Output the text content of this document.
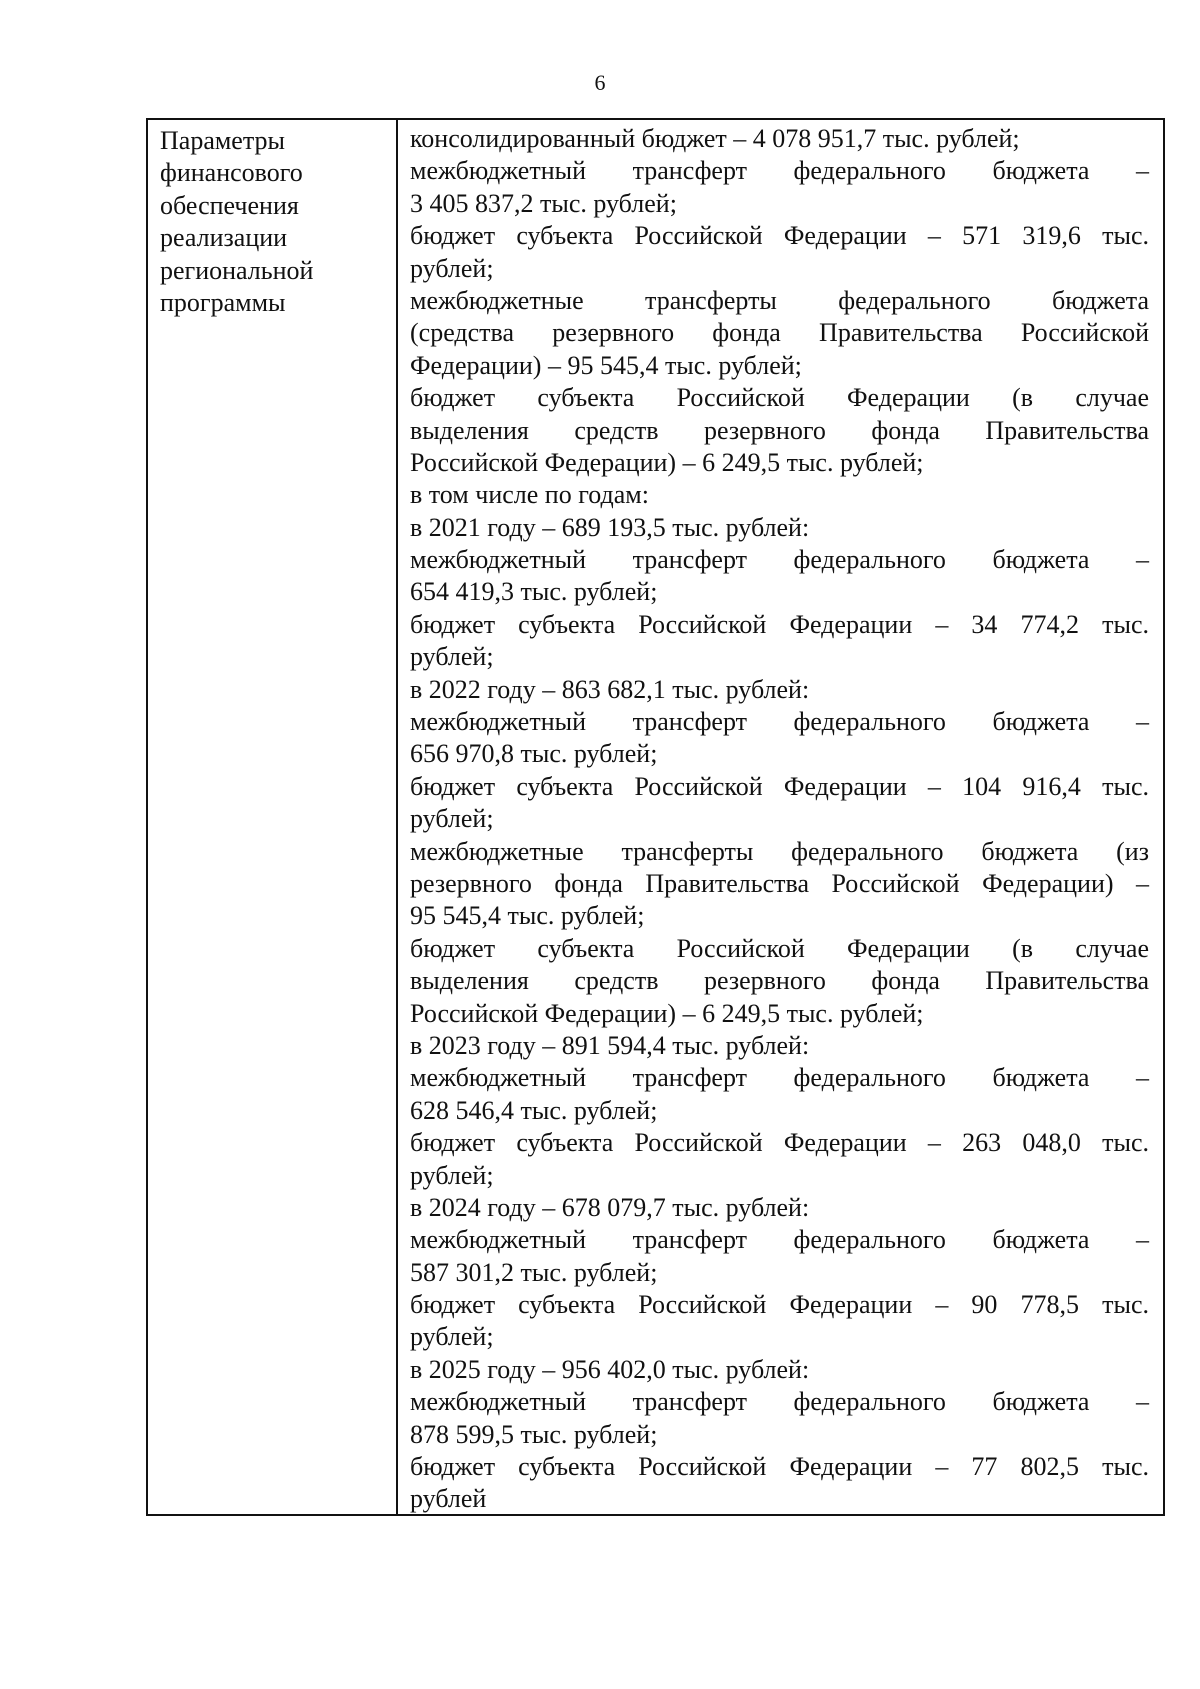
6
Параметры
финансового
обеспечения
реализации
региональной
программы
консолидированный бюджет – 4 078 951,7 тыс. рублей;
межбюджетный трансферт федерального бюджета –
3 405 837,2 тыс. рублей;
бюджет субъекта Российской Федерации – 571 319,6 тыс.
рублей;
межбюджетные трансферты федерального бюджета
(средства резервного фонда Правительства Российской
Федерации) – 95 545,4 тыс. рублей;
бюджет субъекта Российской Федерации (в случае
выделения средств резервного фонда Правительства
Российской Федерации) – 6 249,5 тыс. рублей;
в том числе по годам:
в 2021 году – 689 193,5 тыс. рублей:
межбюджетный трансферт федерального бюджета –
654 419,3 тыс. рублей;
бюджет субъекта Российской Федерации – 34 774,2 тыс.
рублей;
в 2022 году – 863 682,1 тыс. рублей:
межбюджетный трансферт федерального бюджета –
656 970,8 тыс. рублей;
бюджет субъекта Российской Федерации – 104 916,4 тыс.
рублей;
межбюджетные трансферты федерального бюджета (из
резервного фонда Правительства Российской Федерации) –
95 545,4 тыс. рублей;
бюджет субъекта Российской Федерации (в случае
выделения средств резервного фонда Правительства
Российской Федерации) – 6 249,5 тыс. рублей;
в 2023 году – 891 594,4 тыс. рублей:
межбюджетный трансферт федерального бюджета –
628 546,4 тыс. рублей;
бюджет субъекта Российской Федерации – 263 048,0 тыс.
рублей;
в 2024 году – 678 079,7 тыс. рублей:
межбюджетный трансферт федерального бюджета –
587 301,2 тыс. рублей;
бюджет субъекта Российской Федерации – 90 778,5 тыс.
рублей;
в 2025 году – 956 402,0 тыс. рублей:
межбюджетный трансферт федерального бюджета –
878 599,5 тыс. рублей;
бюджет субъекта Российской Федерации – 77 802,5 тыс.
рублей
